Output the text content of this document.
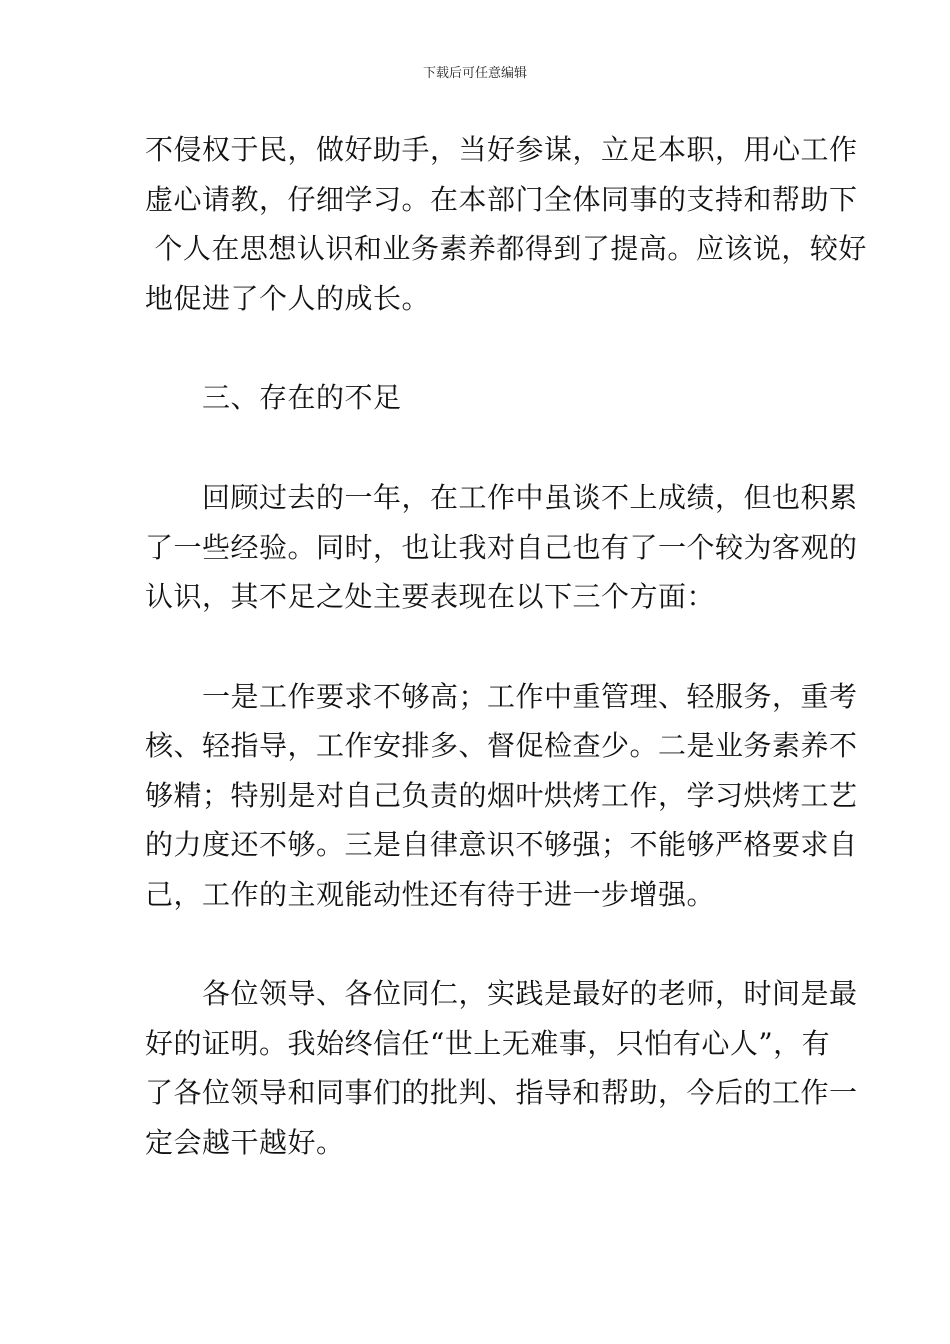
下载后可任意编辑
不侵权于民，做好助手，当好参谋，立足本职，用心工作
虚心请教，仔细学习。在本部门全体同事的支持和帮助下
个人在思想认识和业务素养都得到了提高。应该说，较好
地促进了个人的成长。
　　三、存在的不足
　　回顾过去的一年，在工作中虽谈不上成绩，但也积累
了一些经验。同时，也让我对自己也有了一个较为客观的
认识，其不足之处主要表现在以下三个方面：
　　一是工作要求不够高；工作中重管理、轻服务，重考
核、轻指导，工作安排多、督促检查少。二是业务素养不
够精；特别是对自己负责的烟叶烘烤工作，学习烘烤工艺
的力度还不够。三是自律意识不够强；不能够严格要求自
己，工作的主观能动性还有待于进一步增强。
　　各位领导、各位同仁，实践是最好的老师，时间是最
好的证明。我始终信任“世上无难事，只怕有心人”，有
了各位领导和同事们的批判、指导和帮助，今后的工作一
定会越干越好。
